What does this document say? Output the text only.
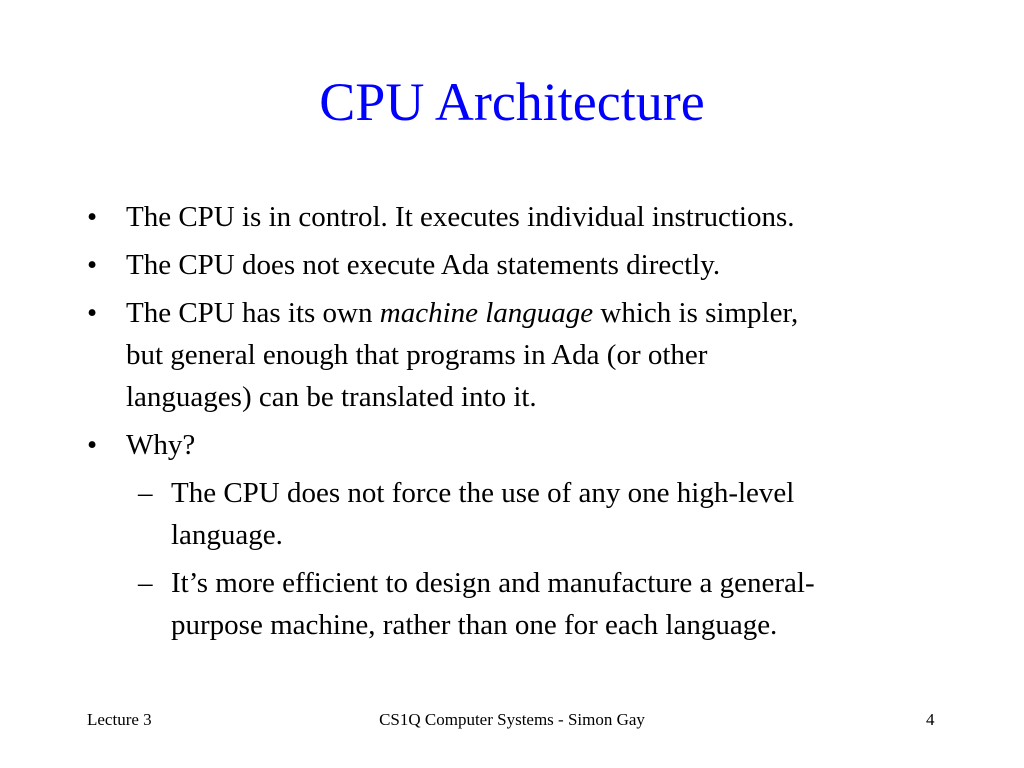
CPU Architecture
• The CPU is in control. It executes individual instructions.
• The CPU does not execute Ada statements directly.
• The CPU has its own machine language which is simpler,
but general enough that programs in Ada (or other
languages) can be translated into it.
• Why?
– The CPU does not force the use of any one high-level
language.
– It’s more efficient to design and manufacture a general-
purpose machine, rather than one for each language.
Lecture 3	CS1Q Computer Systems - Simon Gay	4
